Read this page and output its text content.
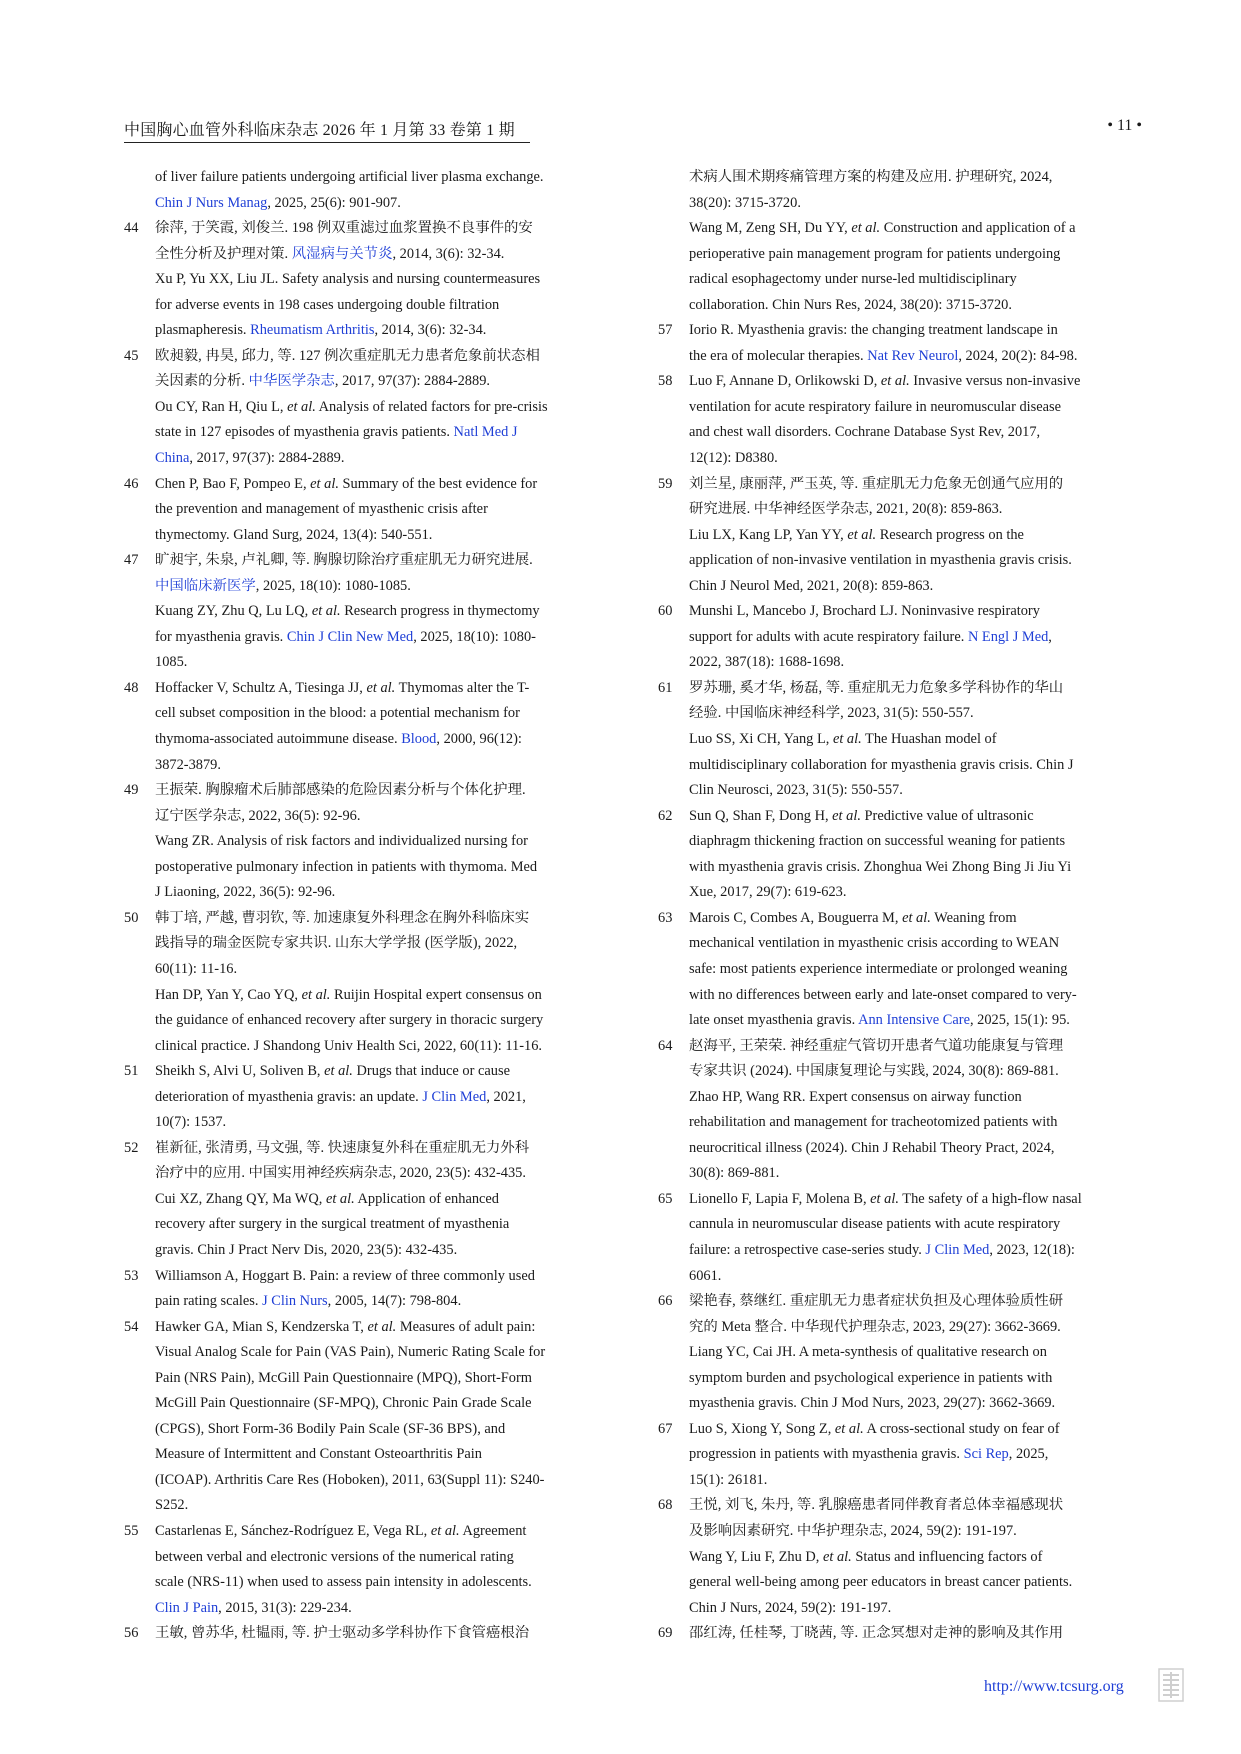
中国胸心血管外科临床杂志 2026 年 1 月第 33 卷第 1 期	• 11 •
of liver failure patients undergoing artificial liver plasma exchange.
Chin J Nurs Manag, 2025, 25(6): 901-907.
44 徐萍, 于笑霞, 刘俊兰. 198 例双重滤过血浆置换不良事件的安
全性分析及护理对策. 风湿病与关节炎, 2014, 3(6): 32-34.
Xu P, Yu XX, Liu JL. Safety analysis and nursing countermeasures
for adverse events in 198 cases undergoing double filtration
plasmapheresis. Rheumatism Arthritis, 2014, 3(6): 32-34.
45 欧昶毅, 冉昊, 邱力, 等. 127 例次重症肌无力患者危象前状态相
关因素的分析. 中华医学杂志, 2017, 97(37): 2884-2889.
Ou CY, Ran H, Qiu L, et al. Analysis of related factors for pre-crisis
state in 127 episodes of myasthenia gravis patients. Natl Med J
China, 2017, 97(37): 2884-2889.
46 Chen P, Bao F, Pompeo E, et al. Summary of the best evidence for
the prevention and management of myasthenic crisis after
thymectomy. Gland Surg, 2024, 13(4): 540-551.
47 旷昶宇, 朱泉, 卢礼卿, 等. 胸腺切除治疗重症肌无力研究进展.
中国临床新医学, 2025, 18(10): 1080-1085.
Kuang ZY, Zhu Q, Lu LQ, et al. Research progress in thymectomy
for myasthenia gravis. Chin J Clin New Med, 2025, 18(10): 1080-
1085.
48 Hoffacker V, Schultz A, Tiesinga JJ, et al. Thymomas alter the T-
cell subset composition in the blood: a potential mechanism for
thymoma-associated autoimmune disease. Blood, 2000, 96(12):
3872-3879.
49 王振荣. 胸腺瘤术后肺部感染的危险因素分析与个体化护理.
辽宁医学杂志, 2022, 36(5): 92-96.
Wang ZR. Analysis of risk factors and individualized nursing for
postoperative pulmonary infection in patients with thymoma. Med
J Liaoning, 2022, 36(5): 92-96.
50 韩丁培, 严越, 曹羽钦, 等. 加速康复外科理念在胸外科临床实
践指导的瑞金医院专家共识. 山东大学学报 (医学版), 2022,
60(11): 11-16.
Han DP, Yan Y, Cao YQ, et al. Ruijin Hospital expert consensus on
the guidance of enhanced recovery after surgery in thoracic surgery
clinical practice. J Shandong Univ Health Sci, 2022, 60(11): 11-16.
51 Sheikh S, Alvi U, Soliven B, et al. Drugs that induce or cause
deterioration of myasthenia gravis: an update. J Clin Med, 2021,
10(7): 1537.
52 崔新征, 张清勇, 马文强, 等. 快速康复外科在重症肌无力外科
治疗中的应用. 中国实用神经疾病杂志, 2020, 23(5): 432-435.
Cui XZ, Zhang QY, Ma WQ, et al. Application of enhanced
recovery after surgery in the surgical treatment of myasthenia
gravis. Chin J Pract Nerv Dis, 2020, 23(5): 432-435.
53 Williamson A, Hoggart B. Pain: a review of three commonly used
pain rating scales. J Clin Nurs, 2005, 14(7): 798-804.
54 Hawker GA, Mian S, Kendzerska T, et al. Measures of adult pain:
Visual Analog Scale for Pain (VAS Pain), Numeric Rating Scale for
Pain (NRS Pain), McGill Pain Questionnaire (MPQ), Short-Form
McGill Pain Questionnaire (SF-MPQ), Chronic Pain Grade Scale
(CPGS), Short Form-36 Bodily Pain Scale (SF-36 BPS), and
Measure of Intermittent and Constant Osteoarthritis Pain
(ICOAP). Arthritis Care Res (Hoboken), 2011, 63(Suppl 11): S240-
S252.
55 Castarlenas E, Sánchez-Rodríguez E, Vega RL, et al. Agreement
between verbal and electronic versions of the numerical rating
scale (NRS-11) when used to assess pain intensity in adolescents.
Clin J Pain, 2015, 31(3): 229-234.
56 王敏, 曾苏华, 杜韫雨, 等. 护士驱动多学科协作下食管癌根治
术病人围术期疼痛管理方案的构建及应用. 护理研究, 2024,
38(20): 3715-3720.
Wang M, Zeng SH, Du YY, et al. Construction and application of a
perioperative pain management program for patients undergoing
radical esophagectomy under nurse-led multidisciplinary
collaboration. Chin Nurs Res, 2024, 38(20): 3715-3720.
57 Iorio R. Myasthenia gravis: the changing treatment landscape in
the era of molecular therapies. Nat Rev Neurol, 2024, 20(2): 84-98.
58 Luo F, Annane D, Orlikowski D, et al. Invasive versus non-invasive
ventilation for acute respiratory failure in neuromuscular disease
and chest wall disorders. Cochrane Database Syst Rev, 2017,
12(12): D8380.
59 刘兰星, 康丽萍, 严玉英, 等. 重症肌无力危象无创通气应用的
研究进展. 中华神经医学杂志, 2021, 20(8): 859-863.
Liu LX, Kang LP, Yan YY, et al. Research progress on the
application of non-invasive ventilation in myasthenia gravis crisis.
Chin J Neurol Med, 2021, 20(8): 859-863.
60 Munshi L, Mancebo J, Brochard LJ. Noninvasive respiratory
support for adults with acute respiratory failure. N Engl J Med,
2022, 387(18): 1688-1698.
61 罗苏珊, 奚才华, 杨磊, 等. 重症肌无力危象多学科协作的华山
经验. 中国临床神经科学, 2023, 31(5): 550-557.
Luo SS, Xi CH, Yang L, et al. The Huashan model of
multidisciplinary collaboration for myasthenia gravis crisis. Chin J
Clin Neurosci, 2023, 31(5): 550-557.
62 Sun Q, Shan F, Dong H, et al. Predictive value of ultrasonic
diaphragm thickening fraction on successful weaning for patients
with myasthenia gravis crisis. Zhonghua Wei Zhong Bing Ji Jiu Yi
Xue, 2017, 29(7): 619-623.
63 Marois C, Combes A, Bouguerra M, et al. Weaning from
mechanical ventilation in myasthenic crisis according to WEAN
safe: most patients experience intermediate or prolonged weaning
with no differences between early and late-onset compared to very-
late onset myasthenia gravis. Ann Intensive Care, 2025, 15(1): 95.
64 赵海平, 王荣荣. 神经重症气管切开患者气道功能康复与管理
专家共识 (2024). 中国康复理论与实践, 2024, 30(8): 869-881.
Zhao HP, Wang RR. Expert consensus on airway function
rehabilitation and management for tracheotomized patients with
neurocritical illness (2024). Chin J Rehabil Theory Pract, 2024,
30(8): 869-881.
65 Lionello F, Lapia F, Molena B, et al. The safety of a high-flow nasal
cannula in neuromuscular disease patients with acute respiratory
failure: a retrospective case-series study. J Clin Med, 2023, 12(18):
6061.
66 梁艳春, 蔡继红. 重症肌无力患者症状负担及心理体验质性研
究的 Meta 整合. 中华现代护理杂志, 2023, 29(27): 3662-3669.
Liang YC, Cai JH. A meta-synthesis of qualitative research on
symptom burden and psychological experience in patients with
myasthenia gravis. Chin J Mod Nurs, 2023, 29(27): 3662-3669.
67 Luo S, Xiong Y, Song Z, et al. A cross-sectional study on fear of
progression in patients with myasthenia gravis. Sci Rep, 2025,
15(1): 26181.
68 王悦, 刘飞, 朱丹, 等. 乳腺癌患者同伴教育者总体幸福感现状
及影响因素研究. 中华护理杂志, 2024, 59(2): 191-197.
Wang Y, Liu F, Zhu D, et al. Status and influencing factors of
general well-being among peer educators in breast cancer patients.
Chin J Nurs, 2024, 59(2): 191-197.
69 邵红涛, 任桂琴, 丁晓茜, 等. 正念冥想对走神的影响及其作用
http://www.tcsurg.org
